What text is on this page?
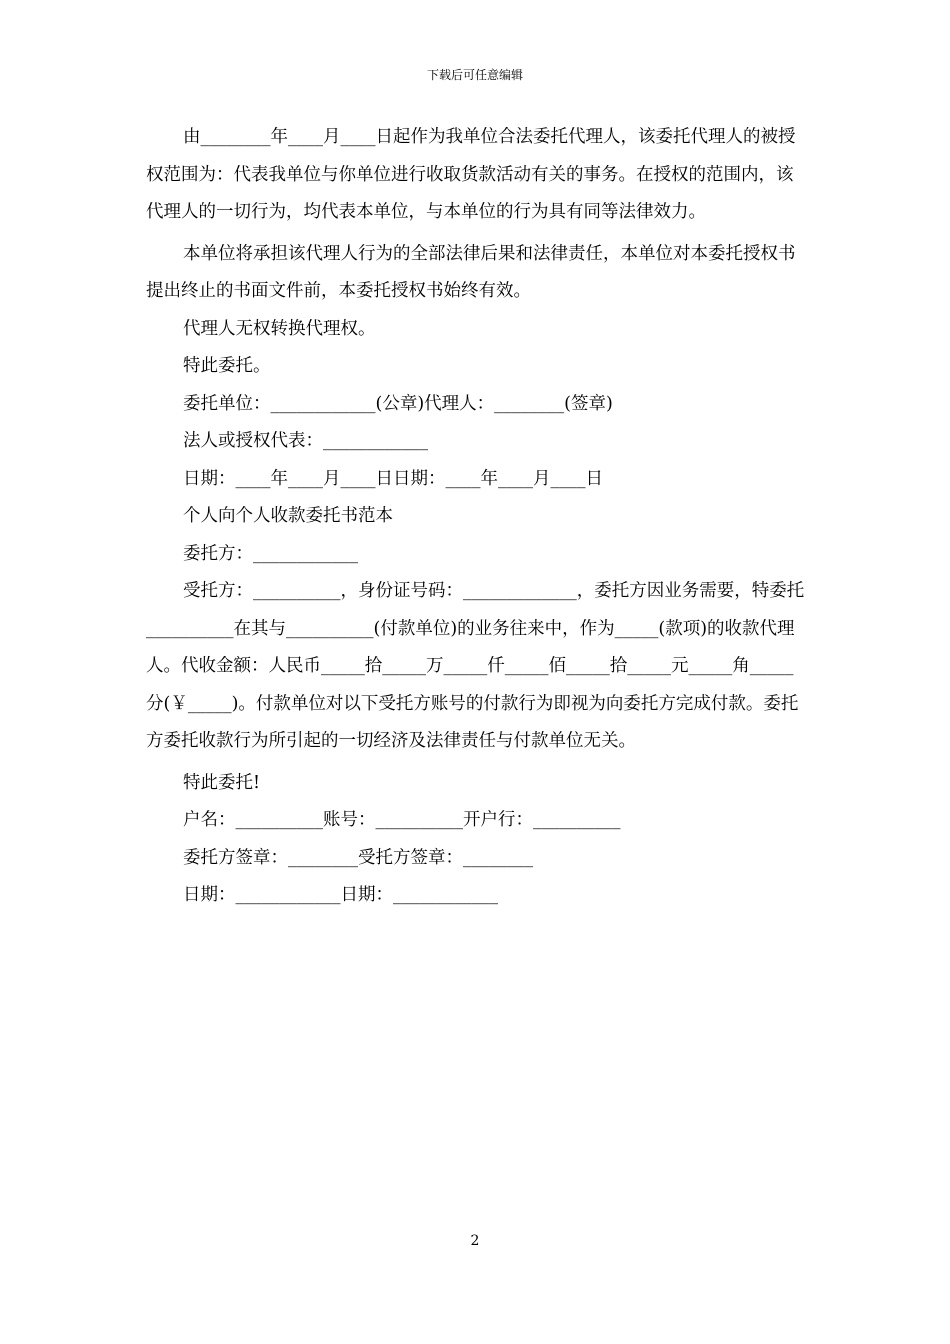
下载后可任意编辑

由________年____月____日起作为我单位合法委托代理人，该委托代理人的被授权范围为：代表我单位与你单位进行收取货款活动有关的事务。在授权的范围内，该代理人的一切行为，均代表本单位，与本单位的行为具有同等法律效力。

本单位将承担该代理人行为的全部法律后果和法律责任，本单位对本委托授权书提出终止的书面文件前，本委托授权书始终有效。

代理人无权转换代理权。
特此委托。
委托单位：____________(公章)代理人：________(签章)
法人或授权代表：____________
日期：____年____月____日日期：____年____月____日
个人向个人收款委托书范本
委托方：____________

受托方：__________，身份证号码：_____________，委托方因业务需要，特委托__________在其与__________(付款单位)的业务往来中，作为_____(款项)的收款代理人。代收金额：人民币_____拾_____万_____仟_____佰_____拾_____元_____角_____分(￥_____)。付款单位对以下受托方账号的付款行为即视为向委托方完成付款。委托方委托收款行为所引起的一切经济及法律责任与付款单位无关。

特此委托!
户名：__________账号：__________开户行：__________
委托方签章：________受托方签章：________
日期：____________日期：____________
2
